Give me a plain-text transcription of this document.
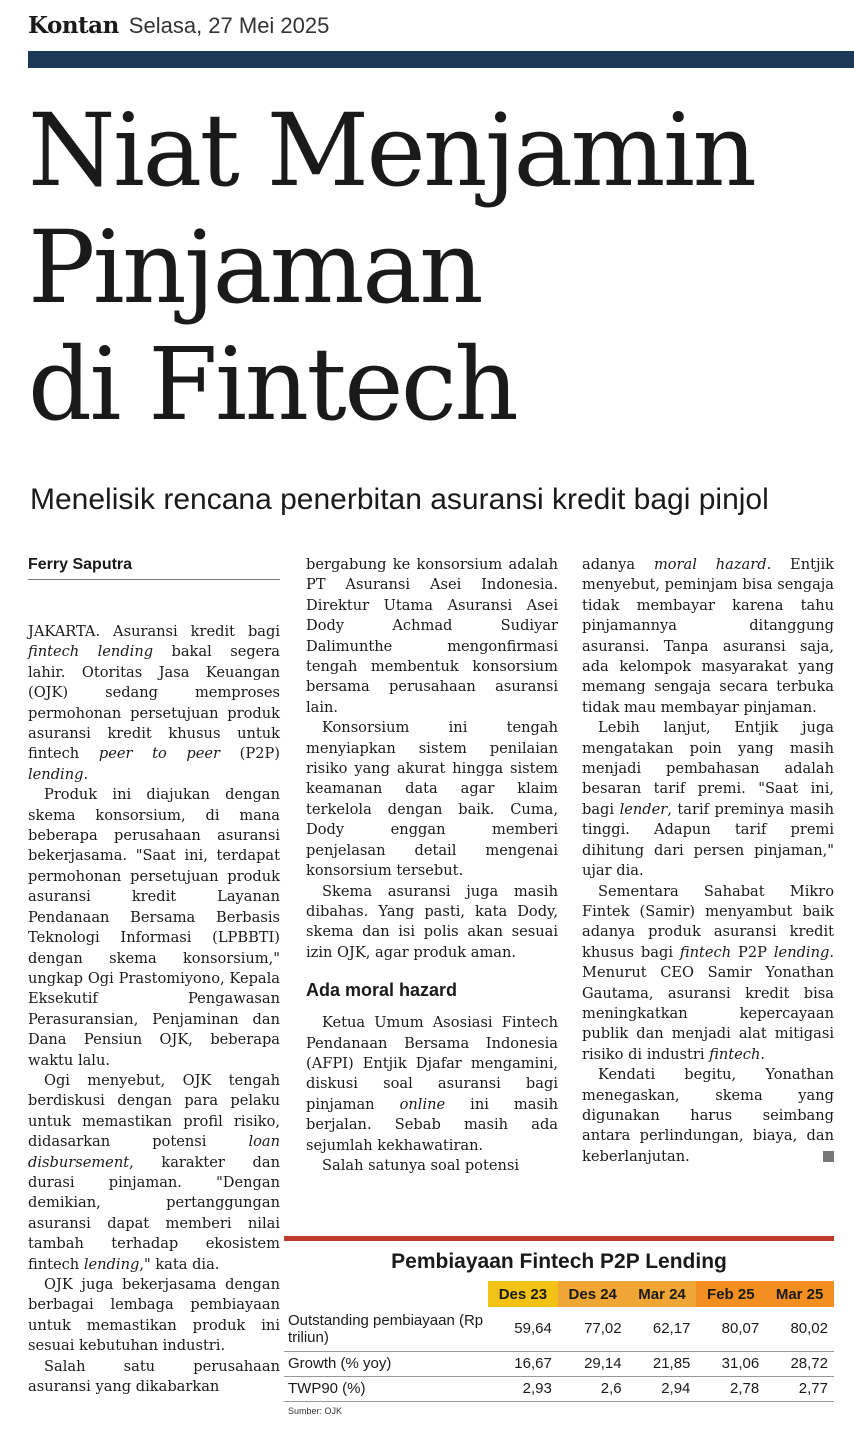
Kontan Selasa, 27 Mei 2025
Niat Menjamin
Pinjaman
di Fintech
Menelisik rencana penerbitan asuransi kredit bagi pinjol
Ferry Saputra

JAKARTA. Asuransi kredit bagi fintech lending bakal segera lahir. Otoritas Jasa Keuangan (OJK) sedang memproses permohonan persetujuan produk asuransi kredit khusus untuk fintech peer to peer (P2P) lending.

Produk ini diajukan dengan skema konsorsium, di mana beberapa perusahaan asuransi bekerjasama. "Saat ini, terdapat permohonan persetujuan produk asuransi kredit Layanan Pendanaan Bersama Berbasis Teknologi Informasi (LPBBTI) dengan skema konsorsium," ungkap Ogi Prastomiyono, Kepala Eksekutif Pengawasan Perasuransian, Penjaminan dan Dana Pensiun OJK, beberapa waktu lalu.

Ogi menyebut, OJK tengah berdiskusi dengan para pelaku untuk memastikan profil risiko, didasarkan potensi loan disbursement, karakter dan durasi pinjaman. "Dengan demikian, pertanggungan asuransi dapat memberi nilai tambah terhadap ekosistem fintech lending," kata dia.

OJK juga bekerjasama dengan berbagai lembaga pembiayaan untuk memastikan produk ini sesuai kebutuhan industri.

Salah satu perusahaan asuransi yang dikabarkan

bergabung ke konsorsium adalah PT Asuransi Asei Indonesia. Direktur Utama Asuransi Asei Dody Achmad Sudiyar Dalimunthe mengonfirmasi tengah membentuk konsorsium bersama perusahaan asuransi lain.

Konsorsium ini tengah menyiapkan sistem penilaian risiko yang akurat hingga sistem keamanan data agar klaim terkelola dengan baik. Cuma, Dody enggan memberi penjelasan detail mengenai konsorsium tersebut.

Skema asuransi juga masih dibahas. Yang pasti, kata Dody, skema dan isi polis akan sesuai izin OJK, agar produk aman.

Ada moral hazard

Ketua Umum Asosiasi Fintech Pendanaan Bersama Indonesia (AFPI) Entjik Djafar mengamini, diskusi soal asuransi bagi pinjaman online ini masih berjalan. Sebab masih ada sejumlah kekhawatiran.

Salah satunya soal potensi

adanya moral hazard. Entjik menyebut, peminjam bisa sengaja tidak membayar karena tahu pinjamannya ditanggung asuransi. Tanpa asuransi saja, ada kelompok masyarakat yang memang sengaja secara terbuka tidak mau membayar pinjaman.

Lebih lanjut, Entjik juga mengatakan poin yang masih menjadi pembahasan adalah besaran tarif premi. "Saat ini, bagi lender, tarif preminya masih tinggi. Adapun tarif premi dihitung dari persen pinjaman," ujar dia.

Sementara Sahabat Mikro Fintek (Samir) menyambut baik adanya produk asuransi kredit khusus bagi fintech P2P lending. Menurut CEO Samir Yonathan Gautama, asuransi kredit bisa meningkatkan kepercayaan publik dan menjadi alat mitigasi risiko di industri fintech.

Kendati begitu, Yonathan menegaskan, skema yang digunakan harus seimbang antara perlindungan, biaya, dan keberlanjutan.

Pembiayaan Fintech P2P Lending
	Des 23	Des 24	Mar 24	Feb 25	Mar 25
Outstanding pembiayaan (Rp triliun)	59,64	77,02	62,17	80,07	80,02
Growth (% yoy)	16,67	29,14	21,85	31,06	28,72
TWP90 (%)	2,93	2,6	2,94	2,78	2,77
Sumber: OJK
